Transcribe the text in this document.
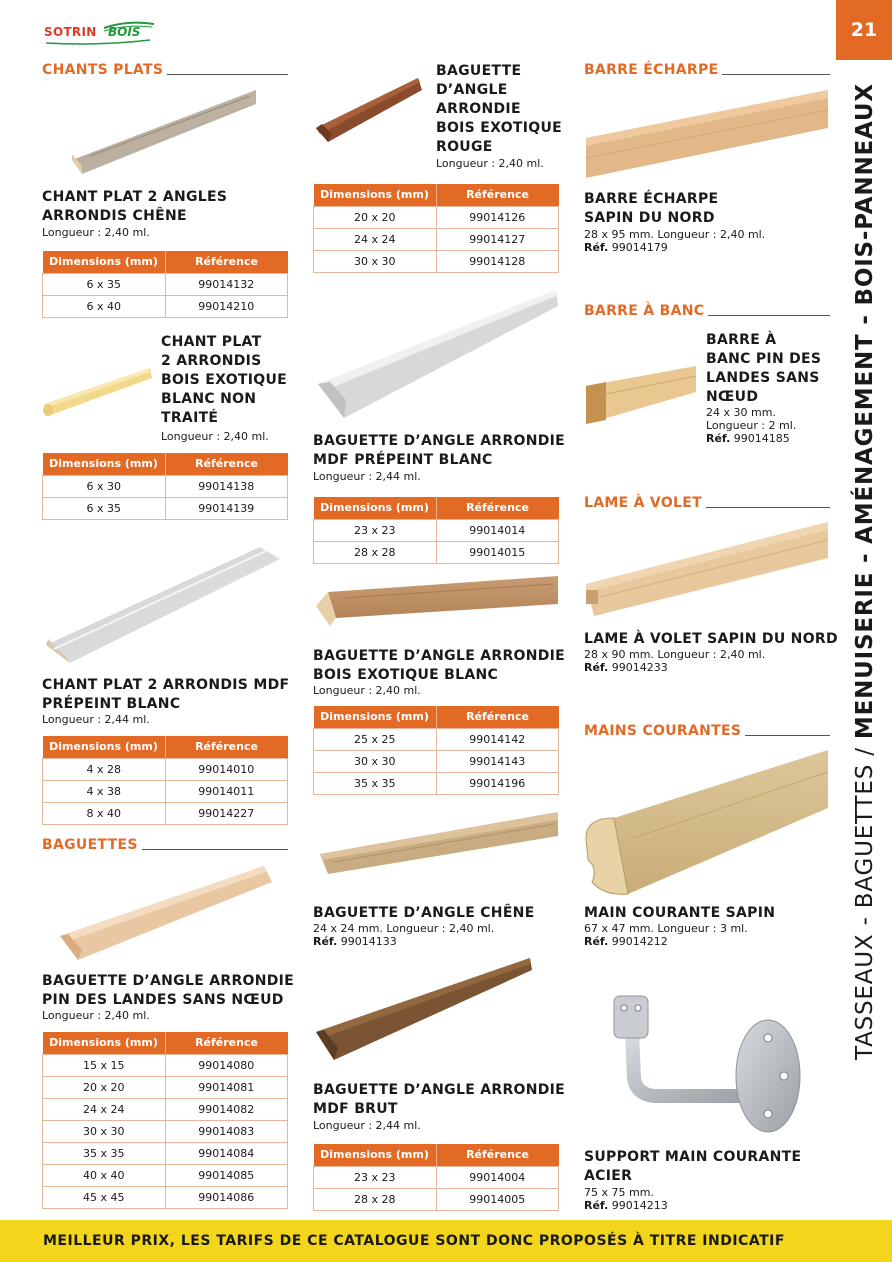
SOTRIN BOIS	21
TASSEAUX - BAGUETTES / MENUISERIE - AMÉNAGEMENT - BOIS-PANNEAUX
CHANTS PLATS
CHANT PLAT 2 ANGLES
ARRONDIS CHÊNE
Longueur : 2,40 ml.
Dimensions (mm)	Référence
6 x 35	99014132
6 x 40	99014210
CHANT PLAT
2 ARRONDIS
BOIS EXOTIQUE
BLANC NON
TRAITÉ
Longueur : 2,40 ml.
Dimensions (mm)	Référence
6 x 30	99014138
6 x 35	99014139
CHANT PLAT 2 ARRONDIS MDF
PRÉPEINT BLANC
Longueur : 2,44 ml.
Dimensions (mm)	Référence
4 x 28	99014010
4 x 38	99014011
8 x 40	99014227
BAGUETTES
BAGUETTE D’ANGLE ARRONDIE
PIN DES LANDES SANS NŒUD
Longueur : 2,40 ml.
Dimensions (mm)	Référence
15 x 15	99014080
20 x 20	99014081
24 x 24	99014082
30 x 30	99014083
35 x 35	99014084
40 x 40	99014085
45 x 45	99014086
BAGUETTE
D’ANGLE
ARRONDIE
BOIS EXOTIQUE
ROUGE
Longueur : 2,40 ml.
Dimensions (mm)	Référence
20 x 20	99014126
24 x 24	99014127
30 x 30	99014128
BAGUETTE D’ANGLE ARRONDIE
MDF PRÉPEINT BLANC
Longueur : 2,44 ml.
Dimensions (mm)	Référence
23 x 23	99014014
28 x 28	99014015
BAGUETTE D’ANGLE ARRONDIE
BOIS EXOTIQUE BLANC
Longueur : 2,40 ml.
Dimensions (mm)	Référence
25 x 25	99014142
30 x 30	99014143
35 x 35	99014196
BAGUETTE D’ANGLE CHÊNE
24 x 24 mm. Longueur : 2,40 ml.
Réf. 99014133
BAGUETTE D’ANGLE ARRONDIE
MDF BRUT
Longueur : 2,44 ml.
Dimensions (mm)	Référence
23 x 23	99014004
28 x 28	99014005
BARRE ÉCHARPE
BARRE ÉCHARPE
SAPIN DU NORD
28 x 95 mm. Longueur : 2,40 ml.
Réf. 99014179
BARRE À BANC
BARRE À
BANC PIN DES
LANDES SANS
NŒUD
24 x 30 mm.
Longueur : 2 ml.
Réf. 99014185
LAME À VOLET
LAME À VOLET SAPIN DU NORD
28 x 90 mm. Longueur : 2,40 ml.
Réf. 99014233
MAINS COURANTES
MAIN COURANTE SAPIN
67 x 47 mm. Longueur : 3 ml.
Réf. 99014212
SUPPORT MAIN COURANTE
ACIER
75 x 75 mm.
Réf. 99014213
MEILLEUR PRIX, LES TARIFS DE CE CATALOGUE SONT DONC PROPOSÉS À TITRE INDICATIF
